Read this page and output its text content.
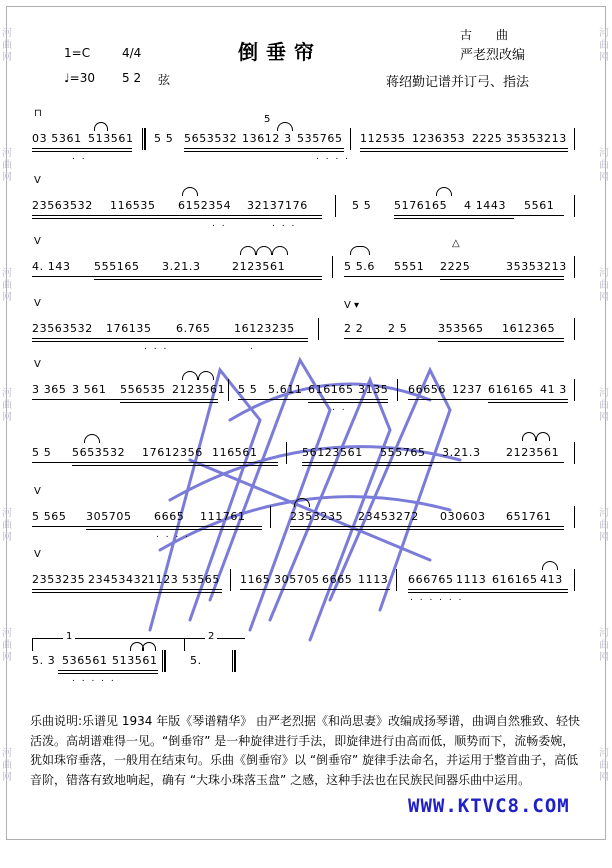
河
曲
网
河
曲
网
河
曲
网
河
曲
网
河
曲
网
河
曲
网
河
曲
网
河
曲
网
河
曲
网
河
曲
网
河
曲
网
河
曲
网
河
曲
网
河
曲
网
倒垂帘
古　　曲
严老烈改编
1=C	4/4
♩=30 5 2 弦	蒋绍勤记谱并订弓、指法
03 5361 513561 5 5 5653532 13612 3 535765 112535 1236353 2225 35353213
⊓
5
. .	. . . .
23563532 116535 6152354 32137176	5 5 5176165 4 1443 5561
V
. .	. . .
4. 143 555165 3.21.3	2123561	5 5.6 5551 2225	35353213
V	△
23563532 176135 6.765 16123235	2 2 2 5	353565 1612365
V	V ▾
. . .	.
3 365 3 561 556535 2123561 5 5 5.611 616165 3135 66656 1237 616165 41 3
V
. .
5 5 5653532 17612356 116561	56123561 555765 3.21.3 2123561
5 565 305705 6665 111761	2353235 23453272 030603 651761
V
. . . .
2353235 23453432 1123 53565 1165 305705 6665 1113 666765 1113 616165 413
V
. . . . . .
1	2
5. 3 536561 513561	5.
. . . . .
乐曲说明:乐谱见 1934 年版《琴谱精华》 由严老烈据《和尚思妻》改编成扬琴谱，曲调自然雅致、轻快活泼。高胡谱难得一见。“倒垂帘” 是一种旋律进行手法，即旋律进行由高而低，顺势而下，流畅委婉，犹如珠帘垂落，一般用在结束句。乐曲《倒垂帘》以 “倒垂帘” 旋律手法命名，并运用于整首曲子，高低音阶，错落有致地响起，确有 “大珠小珠落玉盘” 之感，这种手法也在民族民间器乐曲中运用。
WWW.KTVC8.COM
